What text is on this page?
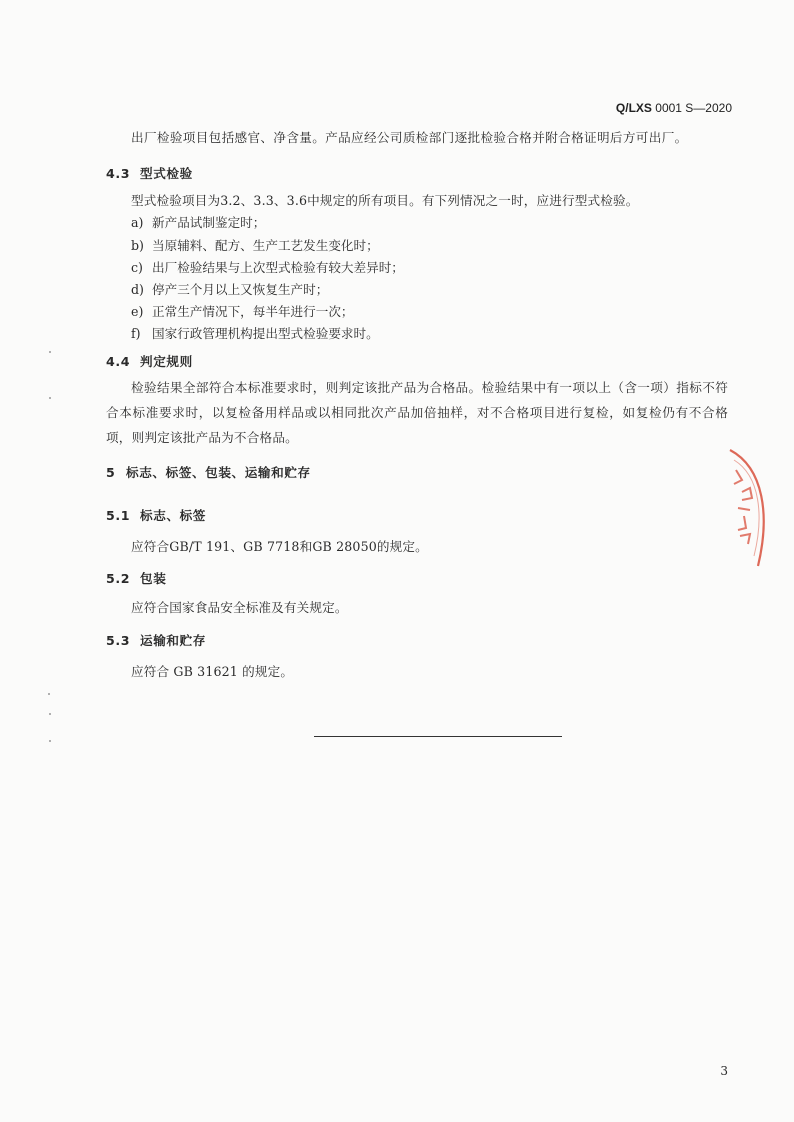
Q/LXS 0001 S—2020
出厂检验项目包括感官、净含量。产品应经公司质检部门逐批检验合格并附合格证明后方可出厂。
4.3 型式检验
型式检验项目为3.2、3.3、3.6中规定的所有项目。有下列情况之一时，应进行型式检验。
a) 新产品试制鉴定时；
b) 当原辅料、配方、生产工艺发生变化时；
c) 出厂检验结果与上次型式检验有较大差异时；
d) 停产三个月以上又恢复生产时；
e) 正常生产情况下，每半年进行一次；
f) 国家行政管理机构提出型式检验要求时。
4.4 判定规则
检验结果全部符合本标准要求时，则判定该批产品为合格品。检验结果中有一项以上（含一项）指标不符合本标准要求时，以复检备用样品或以相同批次产品加倍抽样，对不合格项目进行复检，如复检仍有不合格项，则判定该批产品为不合格品。
5 标志、标签、包装、运输和贮存
5.1 标志、标签
应符合GB/T 191、GB 7718和GB 28050的规定。
5.2 包装
应符合国家食品安全标准及有关规定。
5.3 运输和贮存
应符合 GB 31621 的规定。
3
